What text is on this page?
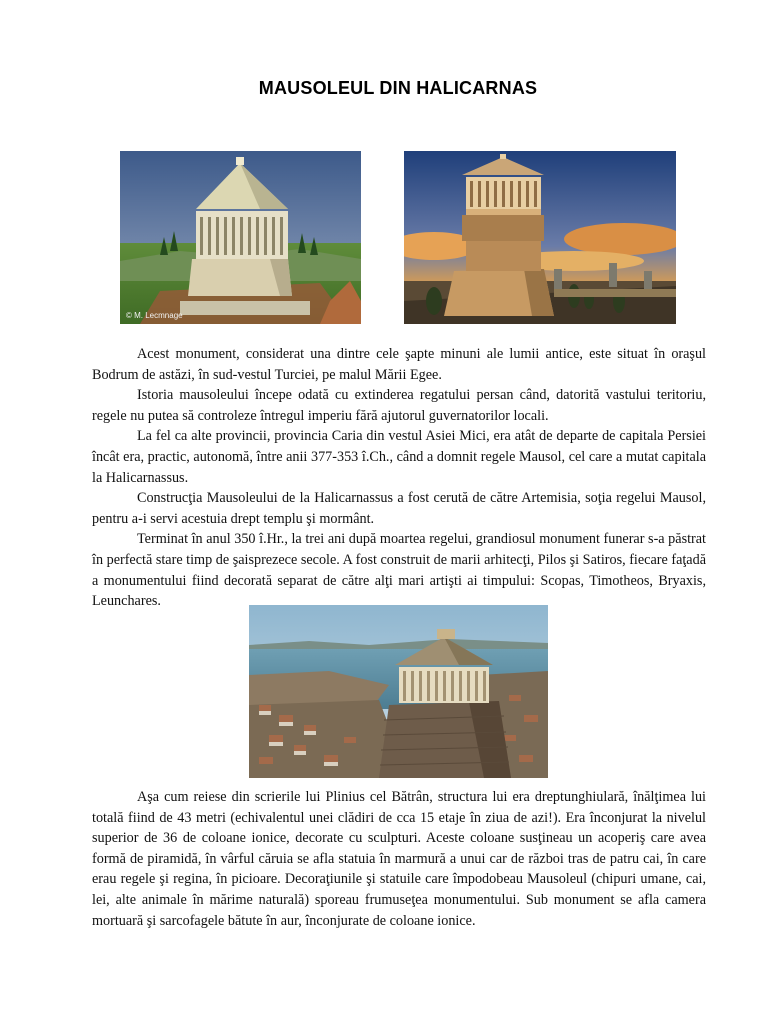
MAUSOLEUL DIN HALICARNAS
© M. Lecmnage

Acest monument, considerat una dintre cele şapte minuni ale lumii antice, este situat în oraşul Bodrum de astăzi, în sud-vestul Turciei, pe malul Mării Egee.

Istoria mausoleului începe odată cu extinderea regatului persan când, datorită vastului teritoriu, regele nu putea să controleze întregul imperiu fără ajutorul guvernatorilor locali.

La fel ca alte provincii, provincia Caria din vestul Asiei Mici, era atât de departe de capitala Persiei încât era, practic, autonomă, între anii 377-353 î.Ch., când a domnit regele Mausol, cel care a mutat capitala la Halicarnassus.

Construcţia Mausoleului de la Halicarnassus a fost cerută de către Artemisia, soţia regelui Mausol, pentru a-i servi acestuia drept templu şi mormânt.

Terminat în anul 350 î.Hr., la trei ani după moartea regelui, grandiosul monument funerar s-a păstrat în perfectă stare timp de şaisprezece secole. A fost construit de marii arhitecţi, Pilos şi Satiros, fiecare faţadă a monumentului fiind decorată separat de către alţi mari artişti ai timpului: Scopas, Timotheos, Bryaxis, Leunchares.

Aşa cum reiese din scrierile lui Plinius cel Bătrân, structura lui era dreptunghiulară, înălţimea lui totală fiind de 43 metri (echivalentul unei clădiri de cca 15 etaje în ziua de azi!). Era înconjurat la nivelul superior de 36 de coloane ionice, decorate cu sculpturi. Aceste coloane susţineau un acoperiş care avea formă de piramidă, în vârful căruia se afla statuia în marmură a unui car de război tras de patru cai, în care erau regele şi regina, în picioare. Decoraţiunile şi statuile care împodobeau Mausoleul (chipuri umane, cai, lei, alte animale în mărime naturală) sporeau frumuseţea monumentului. Sub monument se afla camera mortuară şi sarcofagele bătute în aur, înconjurate de coloane ionice.
